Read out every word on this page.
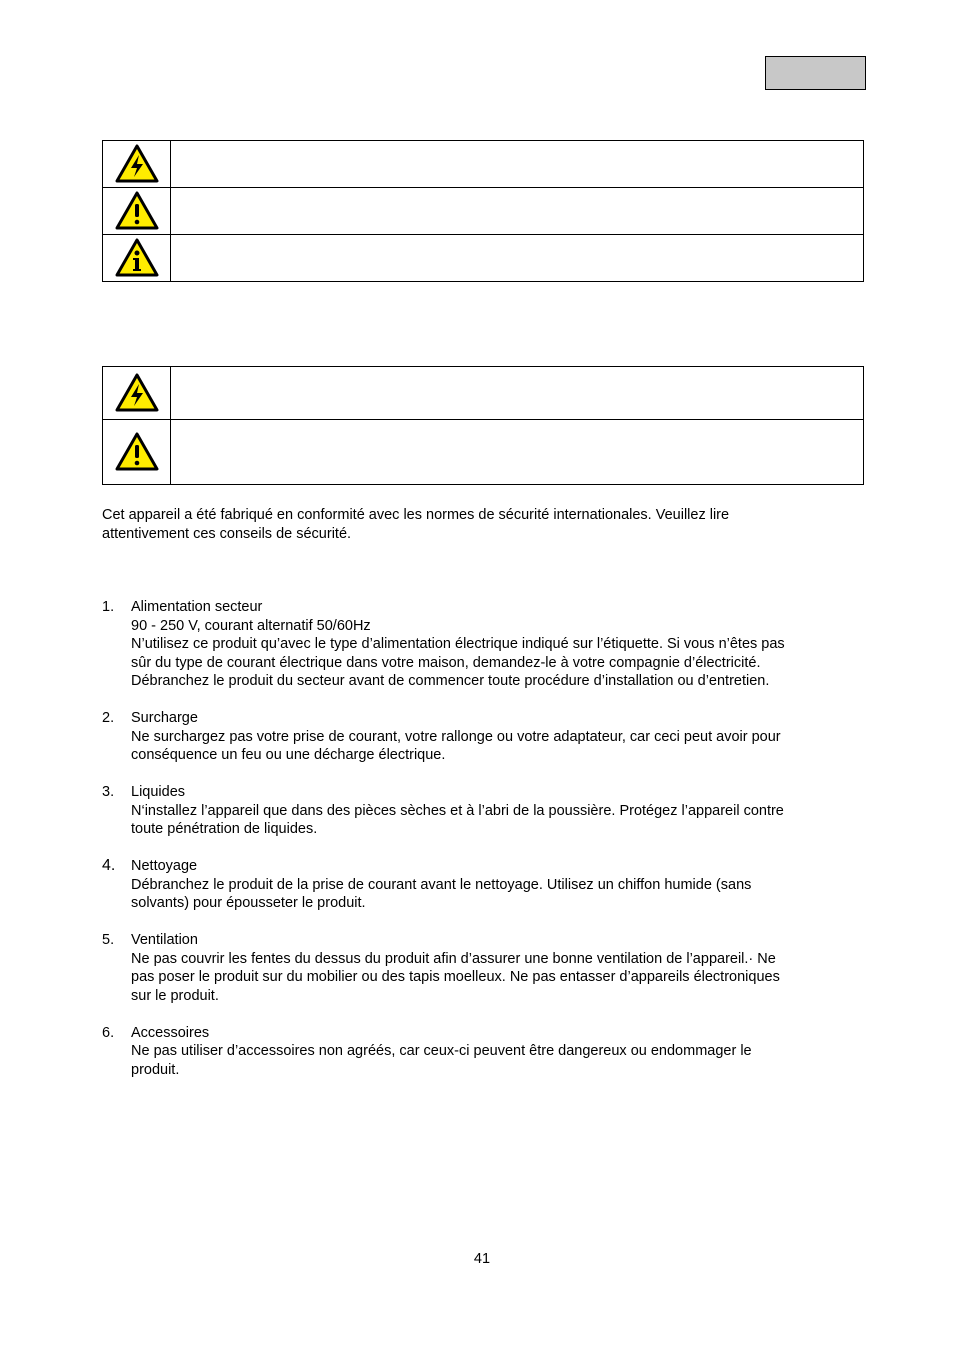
Cet appareil a été fabriqué en conformité avec les normes de sécurité internationales. Veuillez lire
attentivement ces conseils de sécurité.

1. Alimentation secteur
90 - 250 V, courant alternatif 50/60Hz
N’utilisez ce produit qu’avec le type d’alimentation électrique indiqué sur l’étiquette. Si vous n’êtes pas
sûr du type de courant électrique dans votre maison, demandez-le à votre compagnie d’électricité.
Débranchez le produit du secteur avant de commencer toute procédure d’installation ou d’entretien.
2. Surcharge
Ne surchargez pas votre prise de courant, votre rallonge ou votre adaptateur, car ceci peut avoir pour
conséquence un feu ou une décharge électrique.
3. Liquides
N‘installez l’appareil que dans des pièces sèches et à l’abri de la poussière. Protégez l’appareil contre
toute pénétration de liquides.
4. Nettoyage
Débranchez le produit de la prise de courant avant le nettoyage. Utilisez un chiffon humide (sans
solvants) pour épousseter le produit.
5. Ventilation
Ne pas couvrir les fentes du dessus du produit afin d’assurer une bonne ventilation de l’appareil.· Ne
pas poser le produit sur du mobilier ou des tapis moelleux. Ne pas entasser d’appareils électroniques
sur le produit.
6. Accessoires
Ne pas utiliser d’accessoires non agréés, car ceux-ci peuvent être dangereux ou endommager le
produit.
41
